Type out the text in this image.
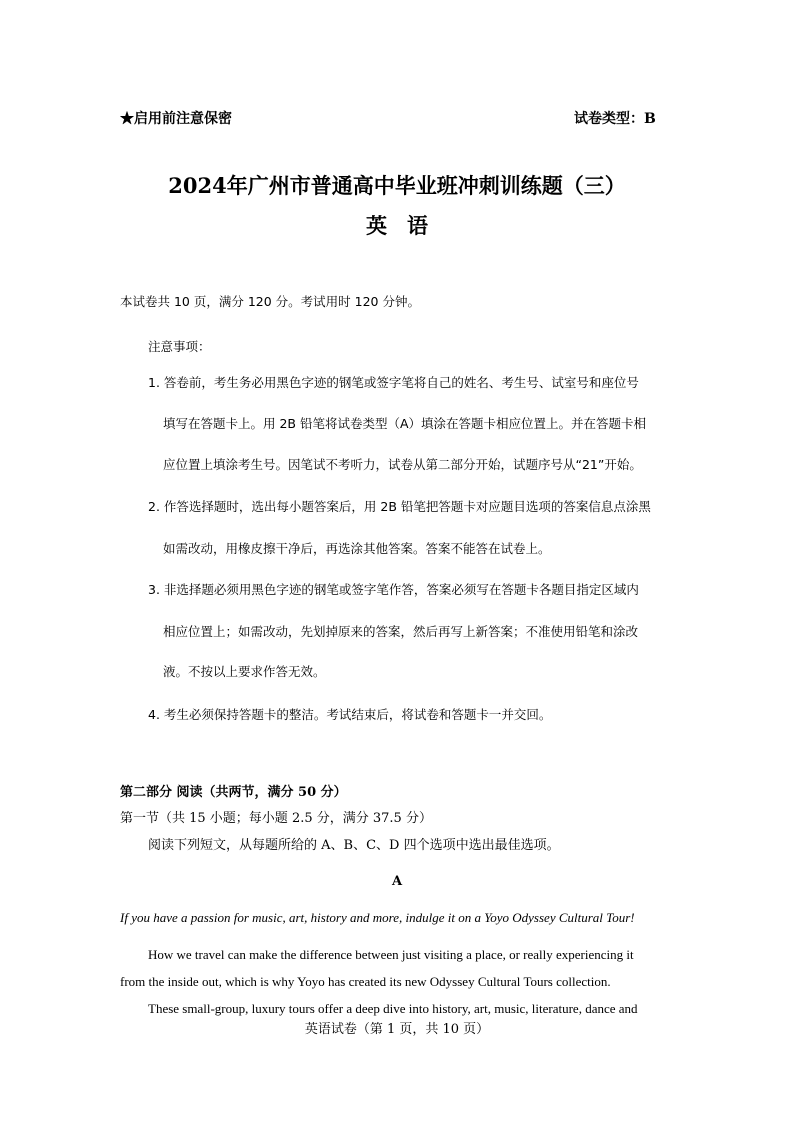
★启用前注意保密	试卷类型：B
2024年广州市普通高中毕业班冲刺训练题（三）
英语
本试卷共 10 页，满分 120 分。考试用时 120 分钟。
注意事项：
1. 答卷前，考生务必用黑色字迹的钢笔或签字笔将自己的姓名、考生号、试室号和座位号
填写在答题卡上。用 2B 铅笔将试卷类型（A）填涂在答题卡相应位置上。并在答题卡相
应位置上填涂考生号。因笔试不考听力，试卷从第二部分开始，试题序号从“21”开始。
2. 作答选择题时，选出每小题答案后，用 2B 铅笔把答题卡对应题目选项的答案信息点涂黑
如需改动，用橡皮擦干净后，再选涂其他答案。答案不能答在试卷上。
3. 非选择题必须用黑色字迹的钢笔或签字笔作答，答案必须写在答题卡各题目指定区域内
相应位置上；如需改动，先划掉原来的答案，然后再写上新答案；不准使用铅笔和涂改
液。不按以上要求作答无效。
4. 考生必须保持答题卡的整洁。考试结束后，将试卷和答题卡一并交回。
第二部分 阅读（共两节，满分 50 分）
第一节（共 15 小题；每小题 2.5 分，满分 37.5 分）
阅读下列短文，从每题所给的 A、B、C、D 四个选项中选出最佳选项。
A
If you have a passion for music, art, history and more, indulge it on a Yoyo Odyssey Cultural Tour!
How we travel can make the difference between just visiting a place, or really experiencing it
from the inside out, which is why Yoyo has created its new Odyssey Cultural Tours collection.
These small-group, luxury tours offer a deep dive into history, art, music, literature, dance and
英语试卷（第 1 页，共 10 页）
